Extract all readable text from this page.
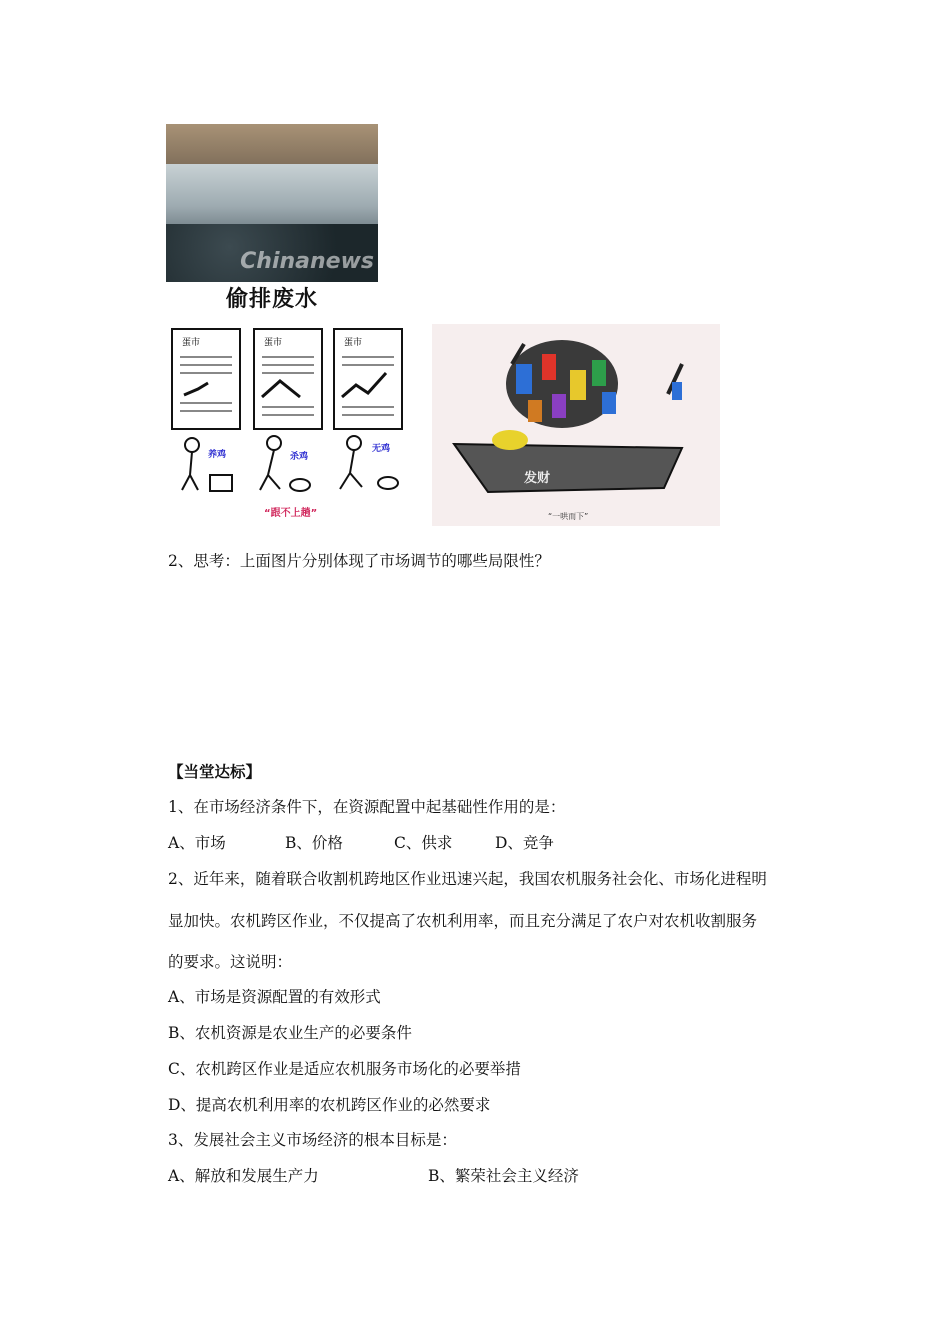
Chinanews
偷排废水
蛋市	蛋市	蛋市
养鸡	杀鸡
无鸡
“跟不上趟”
发财
“一哄而下”
2、思考：上面图片分别体现了市场调节的哪些局限性？
【当堂达标】
1、在市场经济条件下，在资源配置中起基础性作用的是：
A、市场	B、价格	C、供求	D、竞争
2、近年来，随着联合收割机跨地区作业迅速兴起，我国农机服务社会化、市场化进程明
显加快。农机跨区作业，不仅提高了农机利用率，而且充分满足了农户对农机收割服务
的要求。这说明：
A、市场是资源配置的有效形式
B、农机资源是农业生产的必要条件
C、农机跨区作业是适应农机服务市场化的必要举措
D、提高农机利用率的农机跨区作业的必然要求
3、发展社会主义市场经济的根本目标是：
A、解放和发展生产力	B、繁荣社会主义经济
